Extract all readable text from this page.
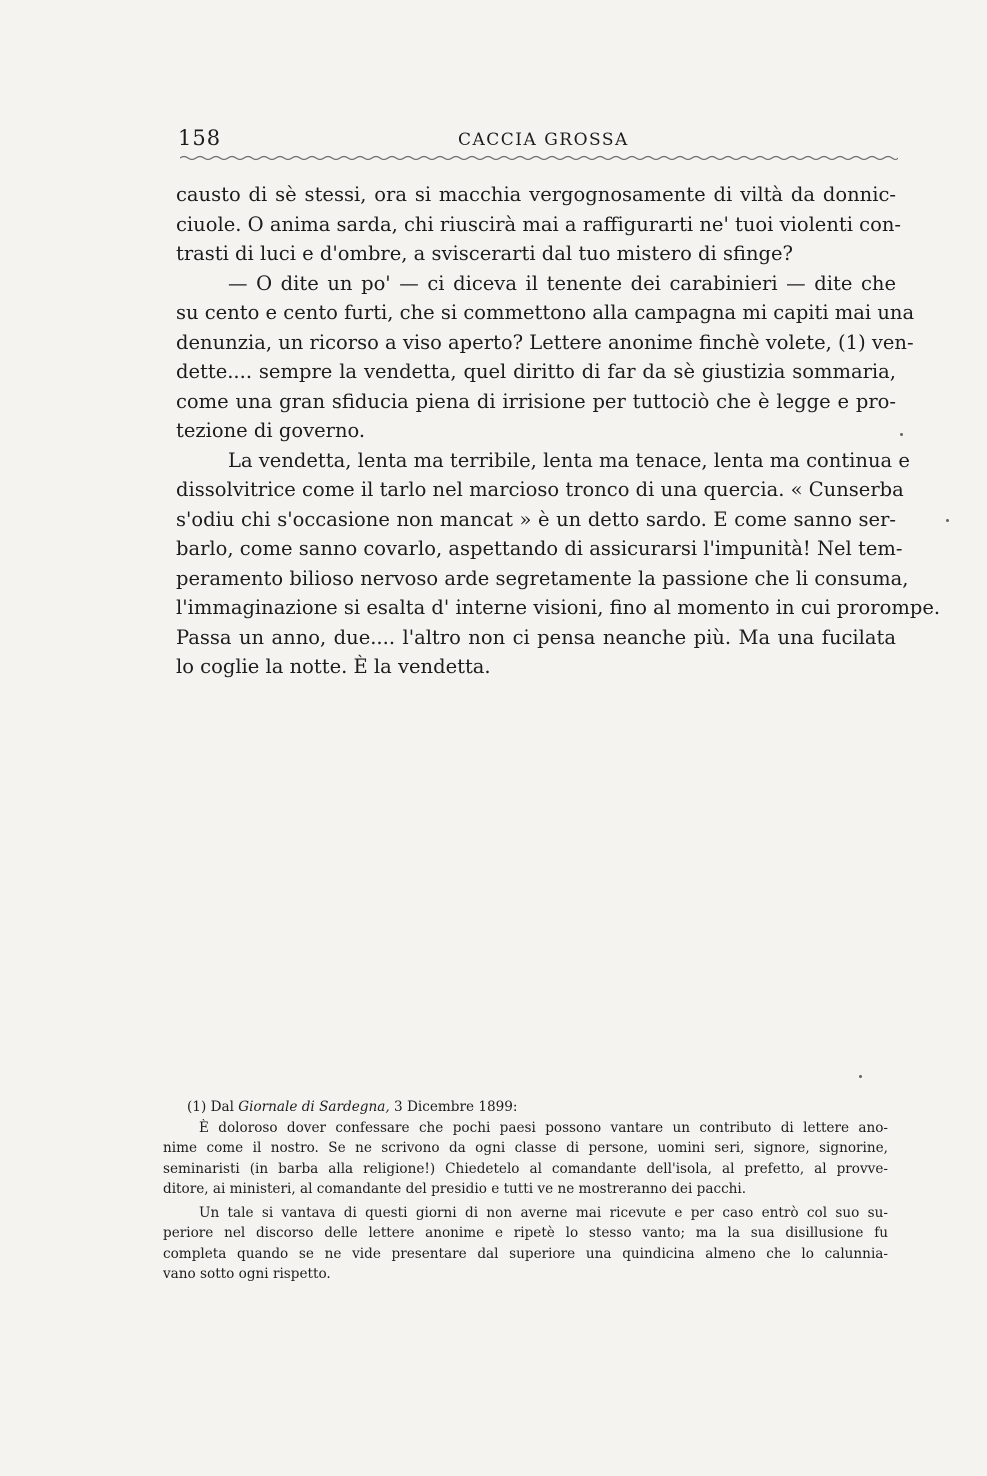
158	CACCIA GROSSA
causto di sè stessi, ora si macchia vergognosamente di viltà da donnic-
ciuole. O anima sarda, chi riuscirà mai a raffigurarti ne' tuoi violenti con-
trasti di luci e d'ombre, a sviscerarti dal tuo mistero di sfinge?
— O dite un po' — ci diceva il tenente dei carabinieri — dite che
su cento e cento furti, che si commettono alla campagna mi capiti mai una
denunzia, un ricorso a viso aperto? Lettere anonime finchè volete, (1) ven-
dette.... sempre la vendetta, quel diritto di far da sè giustizia sommaria,
come una gran sfiducia piena di irrisione per tuttociò che è legge e pro-
tezione di governo.
La vendetta, lenta ma terribile, lenta ma tenace, lenta ma continua e
dissolvitrice come il tarlo nel marcioso tronco di una quercia. « Cunserba
s'odiu chi s'occasione non mancat » è un detto sardo. E come sanno ser-
barlo, come sanno covarlo, aspettando di assicurarsi l'impunità! Nel tem-
peramento bilioso nervoso arde segretamente la passione che li consuma,
l'immaginazione si esalta d' interne visioni, fino al momento in cui prorompe.
Passa un anno, due.... l'altro non ci pensa neanche più. Ma una fucilata
lo coglie la notte. È la vendetta.
(1) Dal Giornale di Sardegna, 3 Dicembre 1899:
È doloroso dover confessare che pochi paesi possono vantare un contributo di lettere ano-
nime come il nostro. Se ne scrivono da ogni classe di persone, uomini seri, signore, signorine,
seminaristi (in barba alla religione!) Chiedetelo al comandante dell'isola, al prefetto, al provve-
ditore, ai ministeri, al comandante del presidio e tutti ve ne mostreranno dei pacchi.
Un tale si vantava di questi giorni di non averne mai ricevute e per caso entrò col suo su-
periore nel discorso delle lettere anonime e ripetè lo stesso vanto; ma la sua disillusione fu
completa quando se ne vide presentare dal superiore una quindicina almeno che lo calunnia-
vano sotto ogni rispetto.
